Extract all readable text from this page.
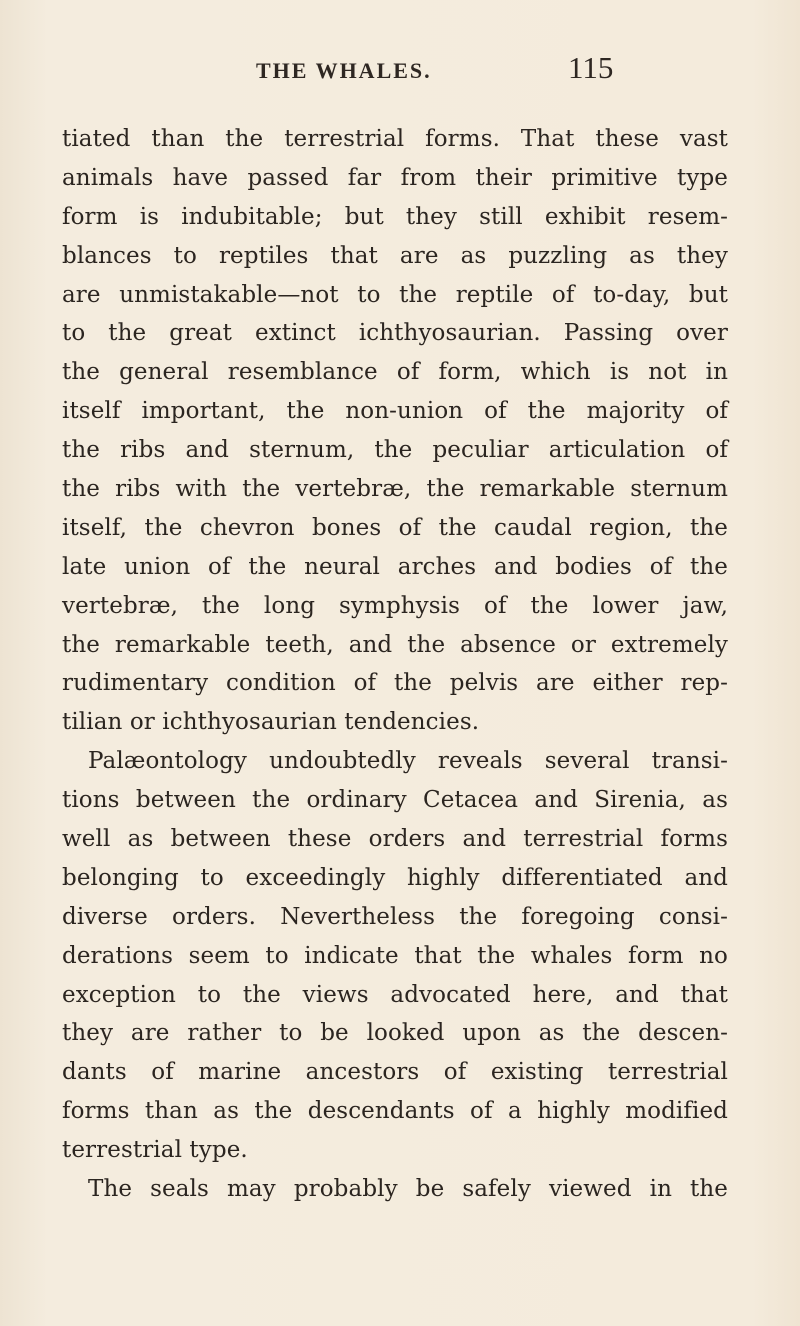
THE WHALES.	115
tiated than the terrestrial forms. That these vast
animals have passed far from their primitive type
form is indubitable; but they still exhibit resem-
blances to reptiles that are as puzzling as they
are unmistakable—not to the reptile of to-day, but
to the great extinct ichthyosaurian. Passing over
the general resemblance of form, which is not in
itself important, the non-union of the majority of
the ribs and sternum, the peculiar articulation of
the ribs with the vertebræ, the remarkable sternum
itself, the chevron bones of the caudal region, the
late union of the neural arches and bodies of the
vertebræ, the long symphysis of the lower jaw,
the remarkable teeth, and the absence or extremely
rudimentary condition of the pelvis are either rep-
tilian or ichthyosaurian tendencies.
Palæontology undoubtedly reveals several transi-
tions between the ordinary Cetacea and Sirenia, as
well as between these orders and terrestrial forms
belonging to exceedingly highly differentiated and
diverse orders. Nevertheless the foregoing consi-
derations seem to indicate that the whales form no
exception to the views advocated here, and that
they are rather to be looked upon as the descen-
dants of marine ancestors of existing terrestrial
forms than as the descendants of a highly modified
terrestrial type.
The seals may probably be safely viewed in the
